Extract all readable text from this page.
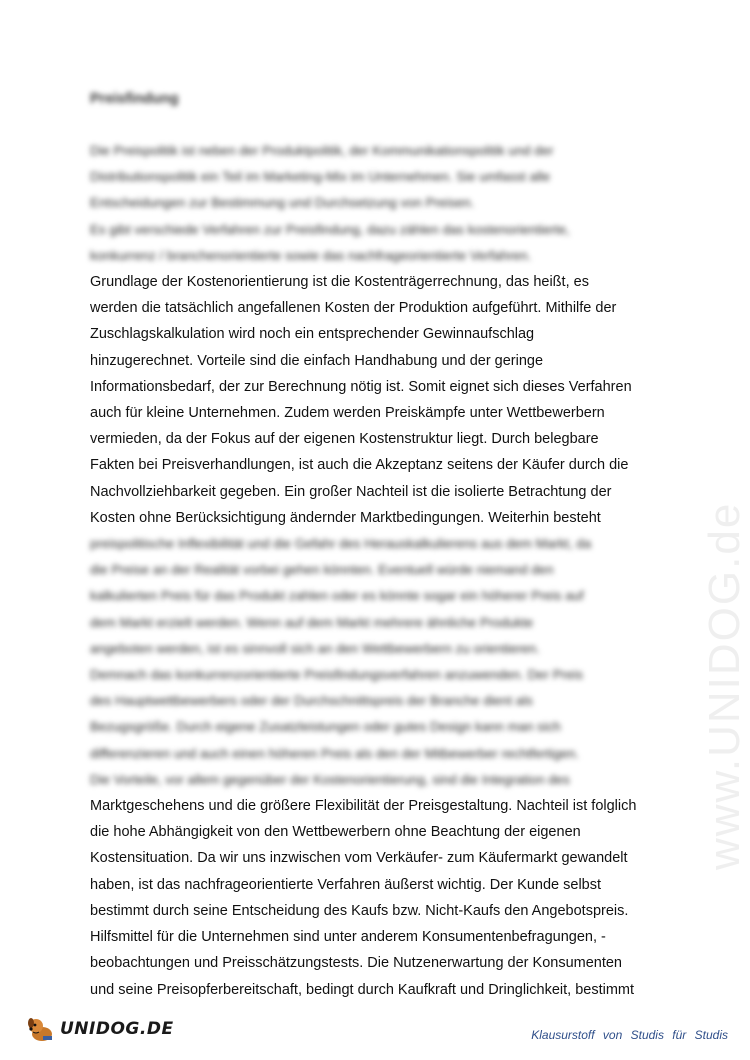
Preisfindung
Die Preispolitik ist neben der Produktpolitik, der Kommunikationspolitik und der
Distributionspolitik ein Teil im Marketing-Mix im Unternehmen. Sie umfasst alle
Entscheidungen zur Bestimmung und Durchsetzung von Preisen.
Es gibt verschiede Verfahren zur Preisfindung, dazu zählen das kostenorientierte,
konkurrenz / branchenorientierte sowie das nachfrageorientierte Verfahren.
Grundlage der Kostenorientierung ist die Kostenträgerrechnung, das heißt, es
werden die tatsächlich angefallenen Kosten der Produktion aufgeführt. Mithilfe der
Zuschlagskalkulation wird noch ein entsprechender Gewinnaufschlag
hinzugerechnet. Vorteile sind die einfach Handhabung und der geringe
Informationsbedarf, der zur Berechnung nötig ist. Somit eignet sich dieses Verfahren
auch für kleine Unternehmen. Zudem werden Preiskämpfe unter Wettbewerbern
vermieden, da der Fokus auf der eigenen Kostenstruktur liegt. Durch belegbare
Fakten bei Preisverhandlungen, ist auch die Akzeptanz seitens der Käufer durch die
Nachvollziehbarkeit gegeben. Ein großer Nachteil ist die isolierte Betrachtung der
Kosten ohne Berücksichtigung ändernder Marktbedingungen. Weiterhin besteht
preispolitische Inflexibilität und die Gefahr des Herauskalkulierens aus dem Markt, da
die Preise an der Realität vorbei gehen könnten. Eventuell würde niemand den
kalkulierten Preis für das Produkt zahlen oder es könnte sogar ein höherer Preis auf
dem Markt erzielt werden. Wenn auf dem Markt mehrere ähnliche Produkte
angeboten werden, ist es sinnvoll sich an den Wettbewerbern zu orientieren.
Demnach das konkurrenzorientierte Preisfindungsverfahren anzuwenden. Der Preis
des Hauptwettbewerbers oder der Durchschnittspreis der Branche dient als
Bezugsgröße. Durch eigene Zusatzleistungen oder gutes Design kann man sich
differenzieren und auch einen höheren Preis als den der Mitbewerber rechtfertigen.
Die Vorteile, vor allem gegenüber der Kostenorientierung, sind die Integration des
Marktgeschehens und die größere Flexibilität der Preisgestaltung. Nachteil ist folglich
die hohe Abhängigkeit von den Wettbewerbern ohne Beachtung der eigenen
Kostensituation. Da wir uns inzwischen vom Verkäufer- zum Käufermarkt gewandelt
haben, ist das nachfrageorientierte Verfahren äußerst wichtig. Der Kunde selbst
bestimmt durch seine Entscheidung des Kaufs bzw. Nicht-Kaufs den Angebotspreis.
Hilfsmittel für die Unternehmen sind unter anderem Konsumentenbefragungen, -
beobachtungen und Preisschätzungstests. Die Nutzenerwartung der Konsumenten
und seine Preisopferbereitschaft, bedingt durch Kaufkraft und Dringlichkeit, bestimmt
www.UNIDOG.de
UNIDOG.DE	Klausurstoff von Studis für Studis
